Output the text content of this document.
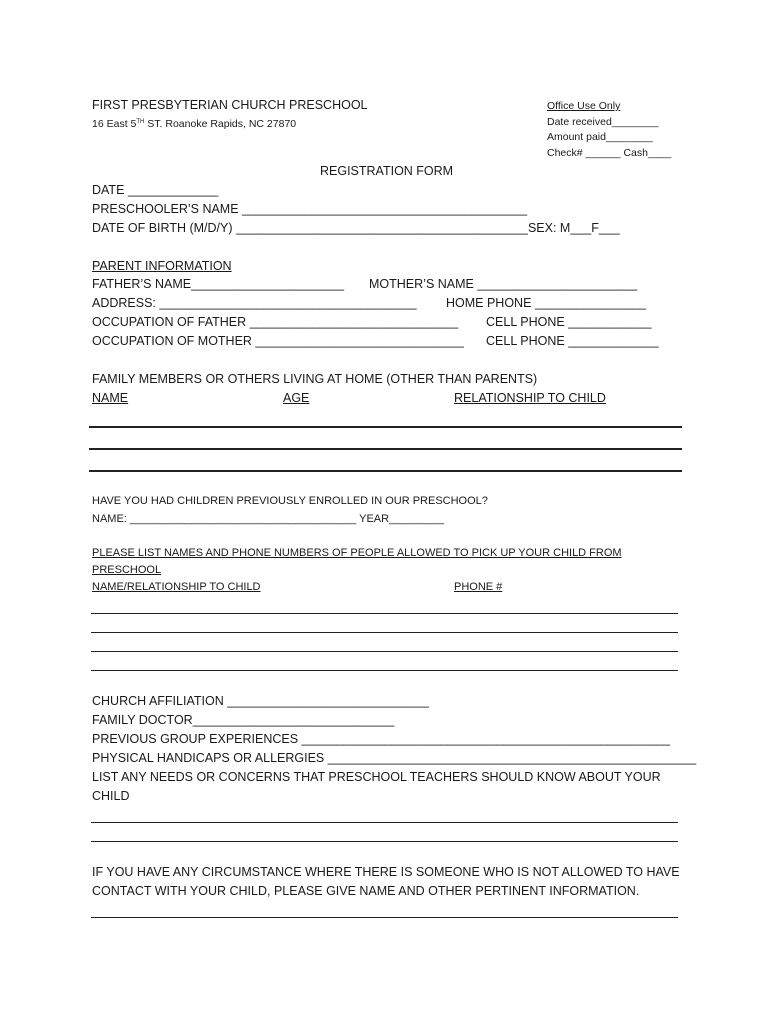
FIRST PRESBYTERIAN CHURCH PRESCHOOL
16 East 5TH ST. Roanoke Rapids, NC 27870
Office Use Only
Date received________
Amount paid________
Check# ______ Cash____
REGISTRATION FORM
DATE _____________
PRESCHOOLER’S NAME _________________________________________
DATE OF BIRTH (M/D/Y) __________________________________________SEX: M___F___
PARENT INFORMATION
FATHER’S NAME______________________ MOTHER’S NAME _______________________
ADDRESS: _____________________________________ HOME PHONE ________________
OCCUPATION OF FATHER ______________________________ CELL PHONE ____________
OCCUPATION OF MOTHER ______________________________ CELL PHONE _____________
FAMILY MEMBERS OR OTHERS LIVING AT HOME (OTHER THAN PARENTS)
NAME	AGE	RELATIONSHIP TO CHILD
HAVE YOU HAD CHILDREN PREVIOUSLY ENROLLED IN OUR PRESCHOOL?
NAME: _____________________________________ YEAR_________
PLEASE LIST NAMES AND PHONE NUMBERS OF PEOPLE ALLOWED TO PICK UP YOUR CHILD FROM
PRESCHOOL
NAME/RELATIONSHIP TO CHILD	PHONE #
CHURCH AFFILIATION _____________________________
FAMILY DOCTOR_____________________________
PREVIOUS GROUP EXPERIENCES _____________________________________________________
PHYSICAL HANDICAPS OR ALLERGIES _____________________________________________________
LIST ANY NEEDS OR CONCERNS THAT PRESCHOOL TEACHERS SHOULD KNOW ABOUT YOUR
CHILD
IF YOU HAVE ANY CIRCUMSTANCE WHERE THERE IS SOMEONE WHO IS NOT ALLOWED TO HAVE
CONTACT WITH YOUR CHILD, PLEASE GIVE NAME AND OTHER PERTINENT INFORMATION.
